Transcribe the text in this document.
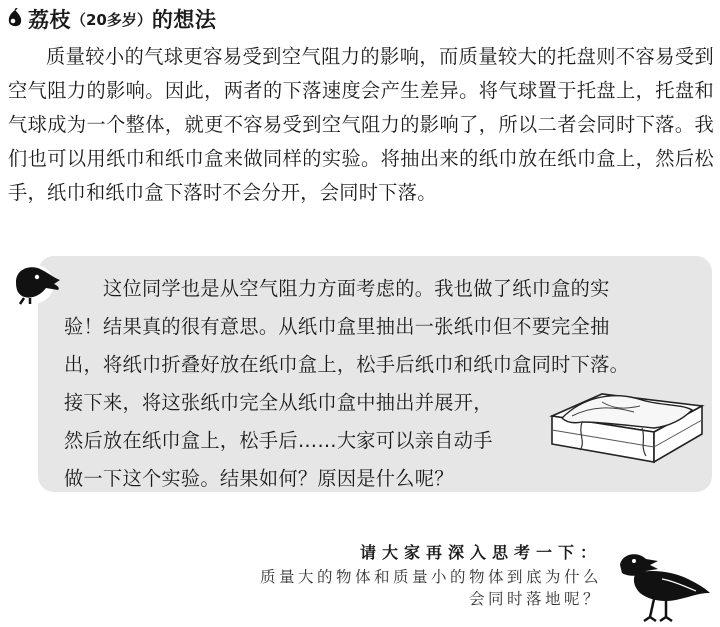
荔枝 （20多岁） 的想法
质量较小的气球更容易受到空气阻力的影响，而质量较大的托盘则不容易受到空气阻力的影响。因此，两者的下落速度会产生差异。将气球置于托盘上，托盘和气球成为一个整体，就更不容易受到空气阻力的影响了，所以二者会同时下落。我们也可以用纸巾和纸巾盒来做同样的实验。将抽出来的纸巾放在纸巾盒上，然后松手，纸巾和纸巾盒下落时不会分开，会同时下落。
　　这位同学也是从空气阻力方面考虑的。我也做了纸巾盒的实
验！结果真的很有意思。从纸巾盒里抽出一张纸巾但不要完全抽
出，将纸巾折叠好放在纸巾盒上，松手后纸巾和纸巾盒同时下落。
接下来，将这张纸巾完全从纸巾盒中抽出并展开，
然后放在纸巾盒上，松手后……大家可以亲自动手
做一下这个实验。结果如何？原因是什么呢？
请大家再深入思考一下：
质量大的物体和质量小的物体到底为什么
会同时落地呢？
